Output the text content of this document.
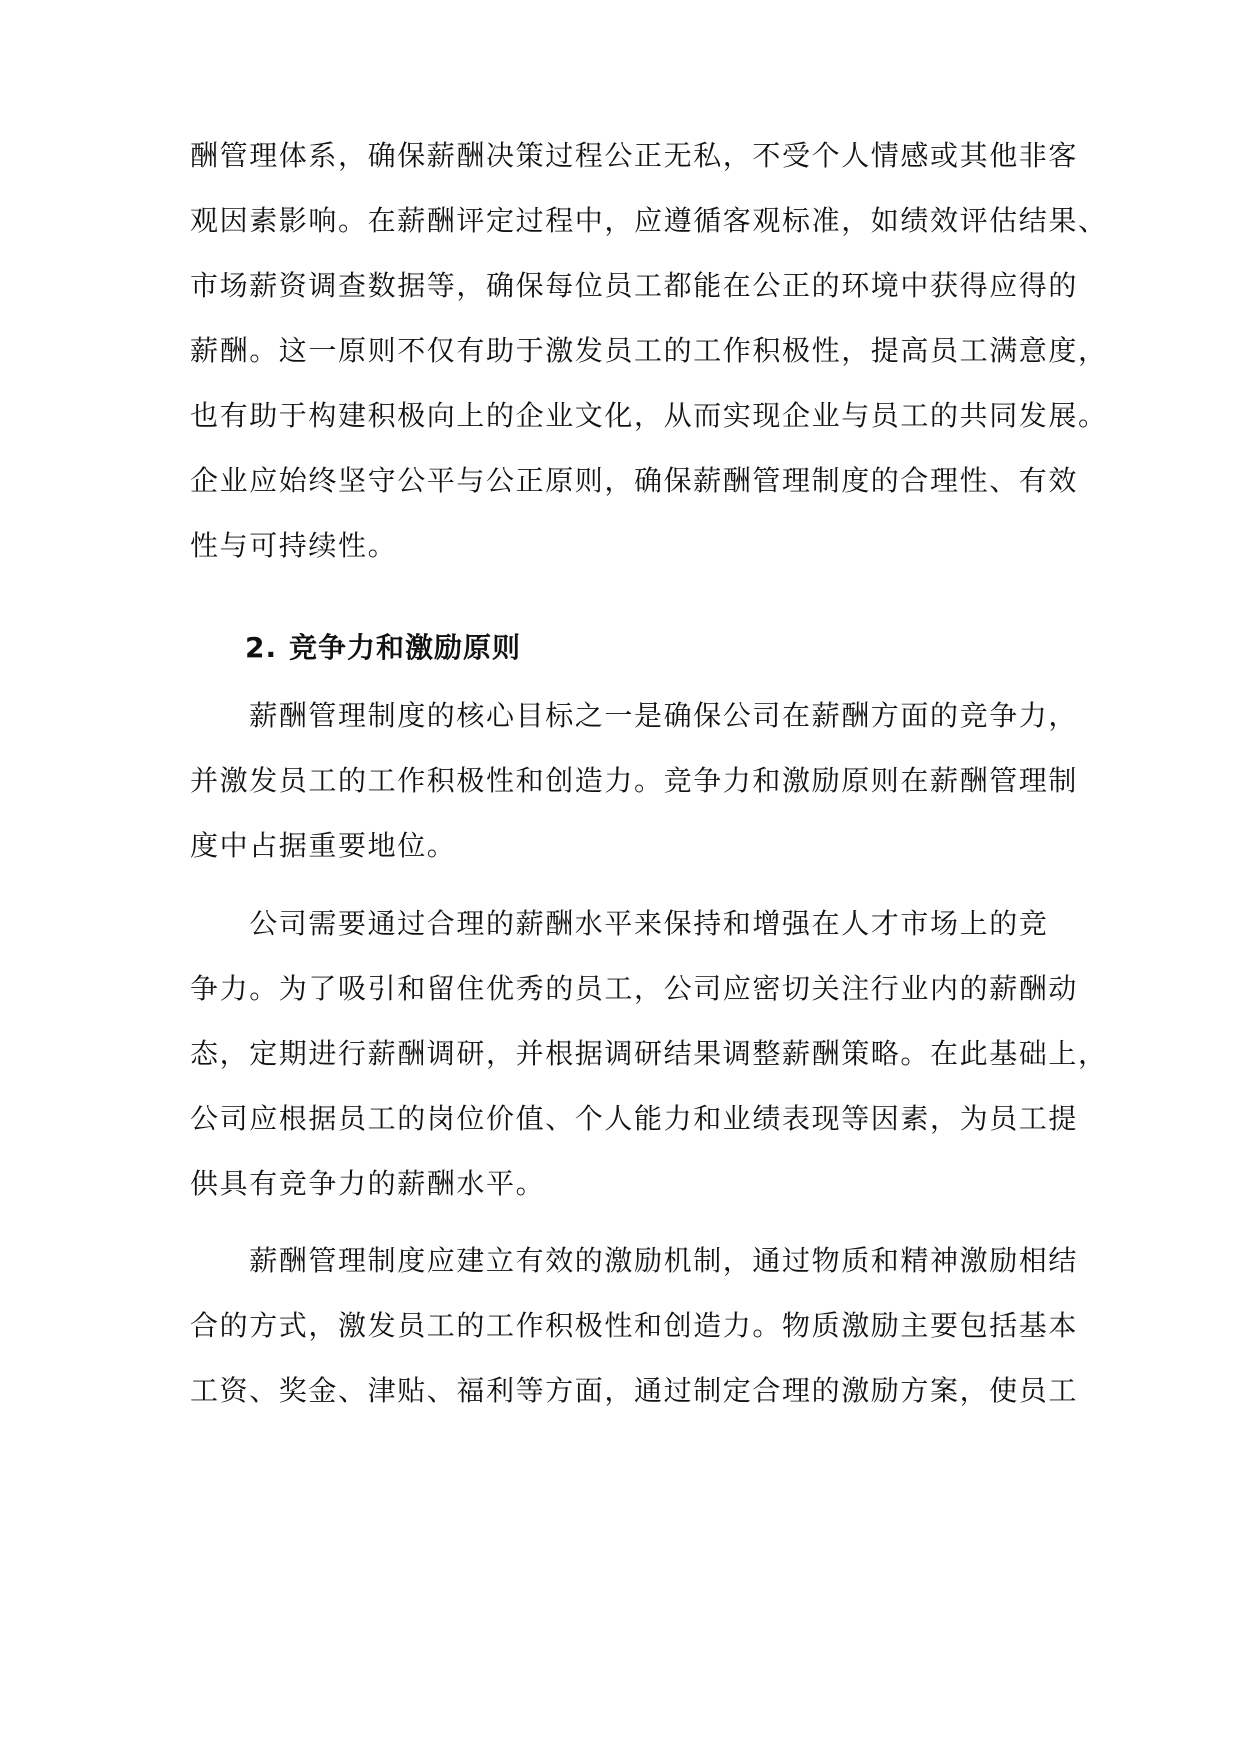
酬管理体系，确保薪酬决策过程公正无私，不受个人情感或其他非客
观因素影响。在薪酬评定过程中，应遵循客观标准，如绩效评估结果、
市场薪资调查数据等，确保每位员工都能在公正的环境中获得应得的
薪酬。这一原则不仅有助于激发员工的工作积极性，提高员工满意度，
也有助于构建积极向上的企业文化，从而实现企业与员工的共同发展。
企业应始终坚守公平与公正原则，确保薪酬管理制度的合理性、有效
性与可持续性。
2. 竞争力和激励原则
　　薪酬管理制度的核心目标之一是确保公司在薪酬方面的竞争力，
并激发员工的工作积极性和创造力。竞争力和激励原则在薪酬管理制
度中占据重要地位。
　　公司需要通过合理的薪酬水平来保持和增强在人才市场上的竞
争力。为了吸引和留住优秀的员工，公司应密切关注行业内的薪酬动
态，定期进行薪酬调研，并根据调研结果调整薪酬策略。在此基础上，
公司应根据员工的岗位价值、个人能力和业绩表现等因素，为员工提
供具有竞争力的薪酬水平。
　　薪酬管理制度应建立有效的激励机制，通过物质和精神激励相结
合的方式，激发员工的工作积极性和创造力。物质激励主要包括基本
工资、奖金、津贴、福利等方面，通过制定合理的激励方案，使员工
